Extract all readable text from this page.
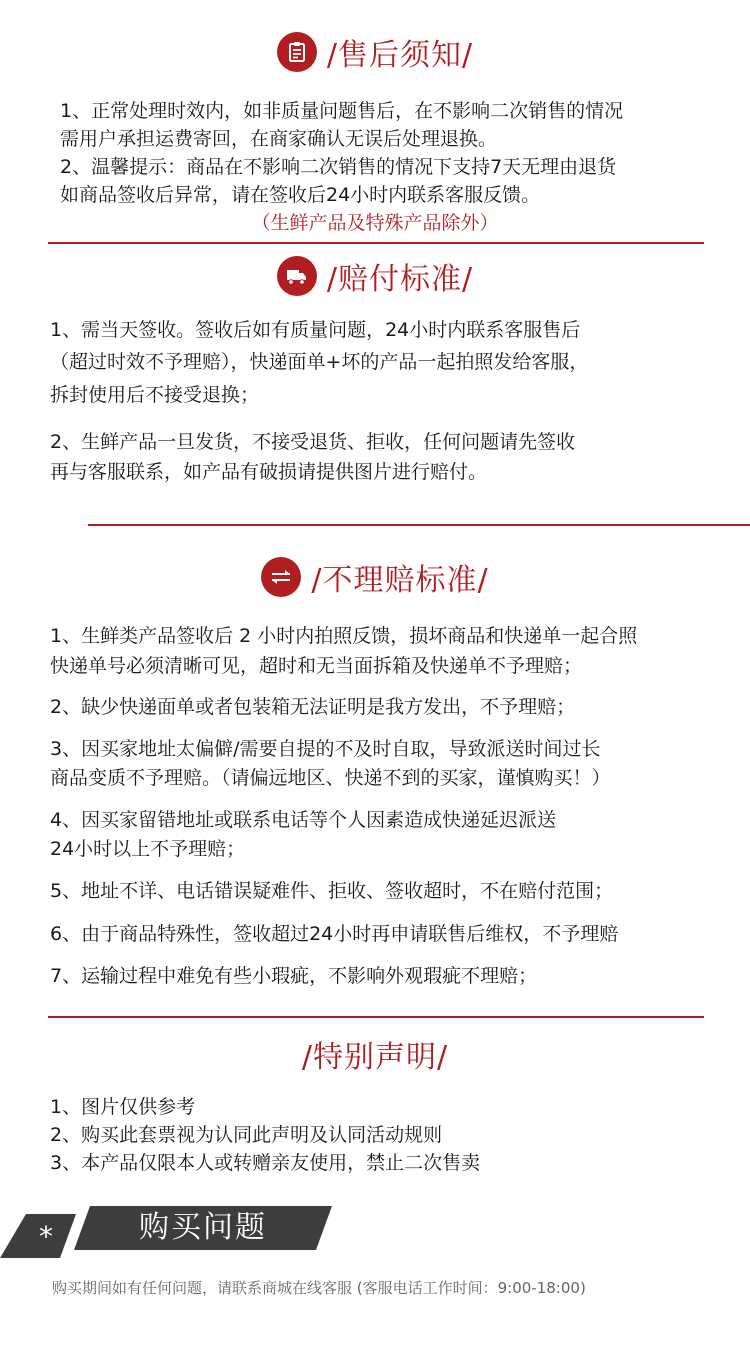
/售后须知/
1、正常处理时效内，如非质量问题售后，在不影响二次销售的情况
需用户承担运费寄回，在商家确认无误后处理退换。
2、温馨提示：商品在不影响二次销售的情况下支持7天无理由退货
如商品签收后异常，请在签收后24小时内联系客服反馈。
（生鲜产品及特殊产品除外）
/赔付标准/
1、需当天签收。签收后如有质量问题，24小时内联系客服售后
（超过时效不予理赔），快递面单+坏的产品一起拍照发给客服，
拆封使用后不接受退换；
2、生鲜产品一旦发货，不接受退货、拒收，任何问题请先签收
再与客服联系，如产品有破损请提供图片进行赔付。
/不理赔标准/
1、生鲜类产品签收后 2 小时内拍照反馈，损坏商品和快递单一起合照
快递单号必须清晰可见，超时和无当面拆箱及快递单不予理赔；
2、缺少快递面单或者包装箱无法证明是我方发出，不予理赔；
3、因买家地址太偏僻/需要自提的不及时自取，导致派送时间过长
商品变质不予理赔。（请偏远地区、快递不到的买家，谨慎购买！）
4、因买家留错地址或联系电话等个人因素造成快递延迟派送
24小时以上不予理赔；
5、地址不详、电话错误疑难件、拒收、签收超时，不在赔付范围；
6、由于商品特殊性，签收超过24小时再申请联售后维权，不予理赔
7、运输过程中难免有些小瑕疵，不影响外观瑕疵不理赔；
/特别声明/
1、图片仅供参考
2、购买此套票视为认同此声明及认同活动规则
3、本产品仅限本人或转赠亲友使用，禁止二次售卖
*	购买问题
购买期间如有任何问题，请联系商城在线客服 (客服电话工作时间：9:00-18:00)
